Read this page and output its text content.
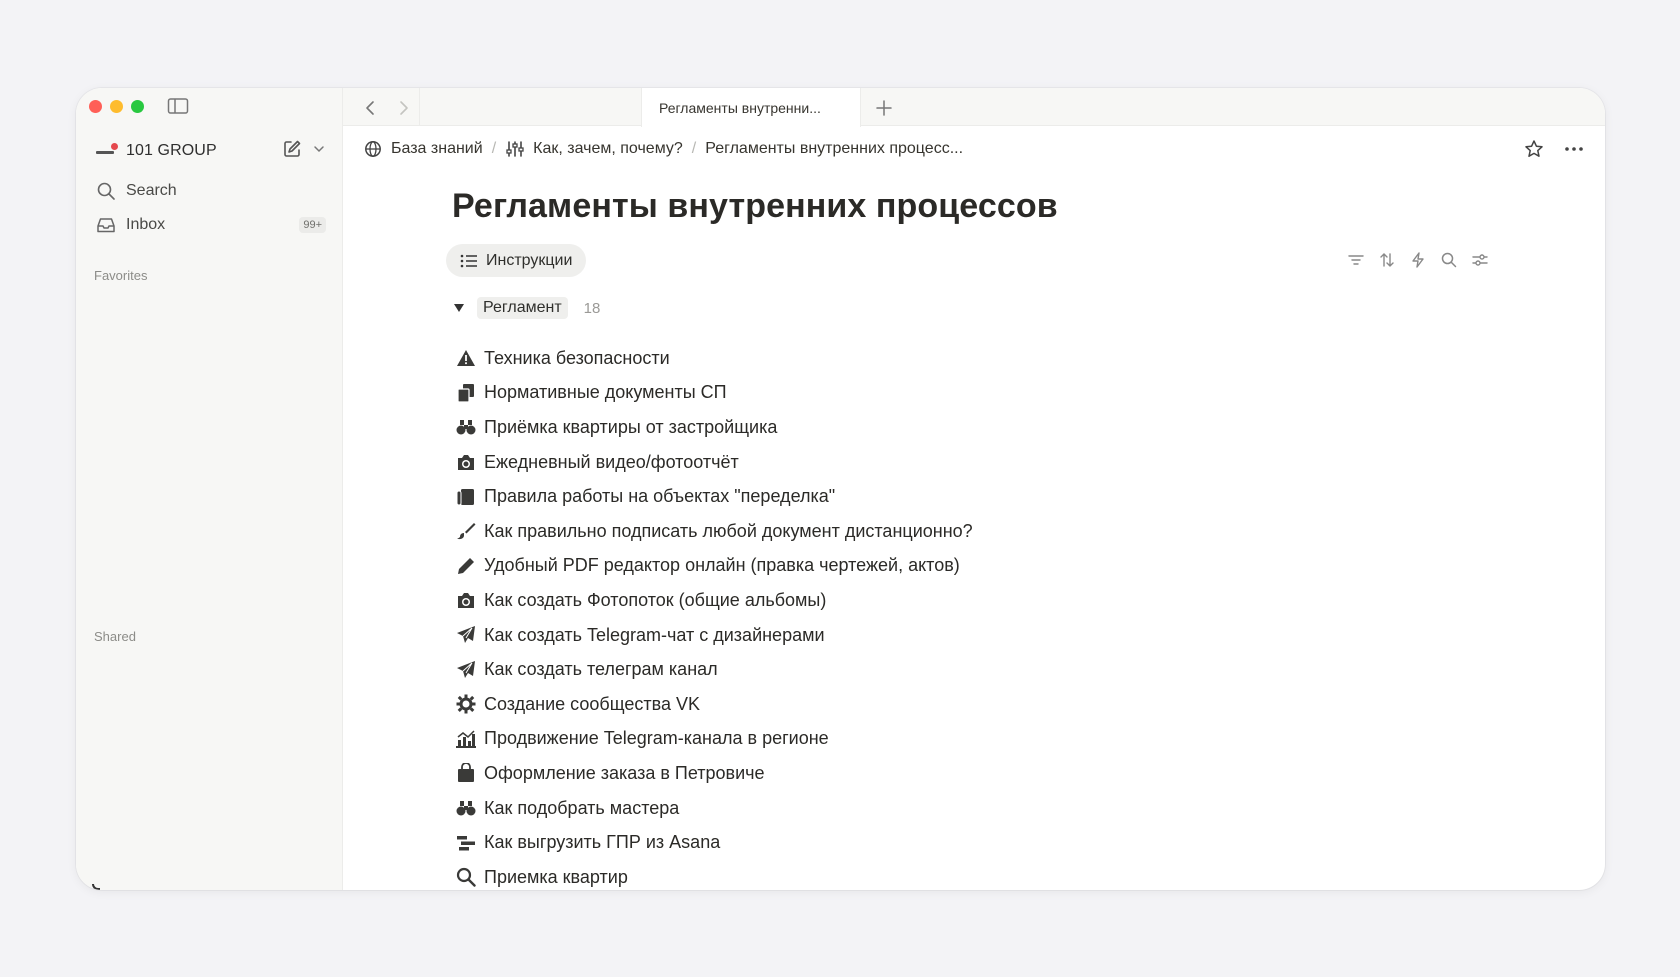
101 GROUP
Search
Inbox	99+
Favorites
Shared
Регламенты внутренни...
База знаний / Как, зачем, почему? / Регламенты внутренних процесс...
Регламенты внутренних процессов
Инструкции
Регламент	18
Техника безопасности
Нормативные документы СП
Приёмка квартиры от застройщика
Ежедневный видео/фотоотчёт
Правила работы на объектах "переделка"
Как правильно подписать любой документ дистанционно?
Удобный PDF редактор онлайн (правка чертежей, актов)
Как создать Фотопоток (общие альбомы)
Как создать Telegram-чат с дизайнерами
Как создать телеграм канал
Создание сообщества VK
Продвижение Telegram-канала в регионе
Оформление заказа в Петровиче
Как подобрать мастера
Как выгрузить ГПР из Asana
Приемка квартир
